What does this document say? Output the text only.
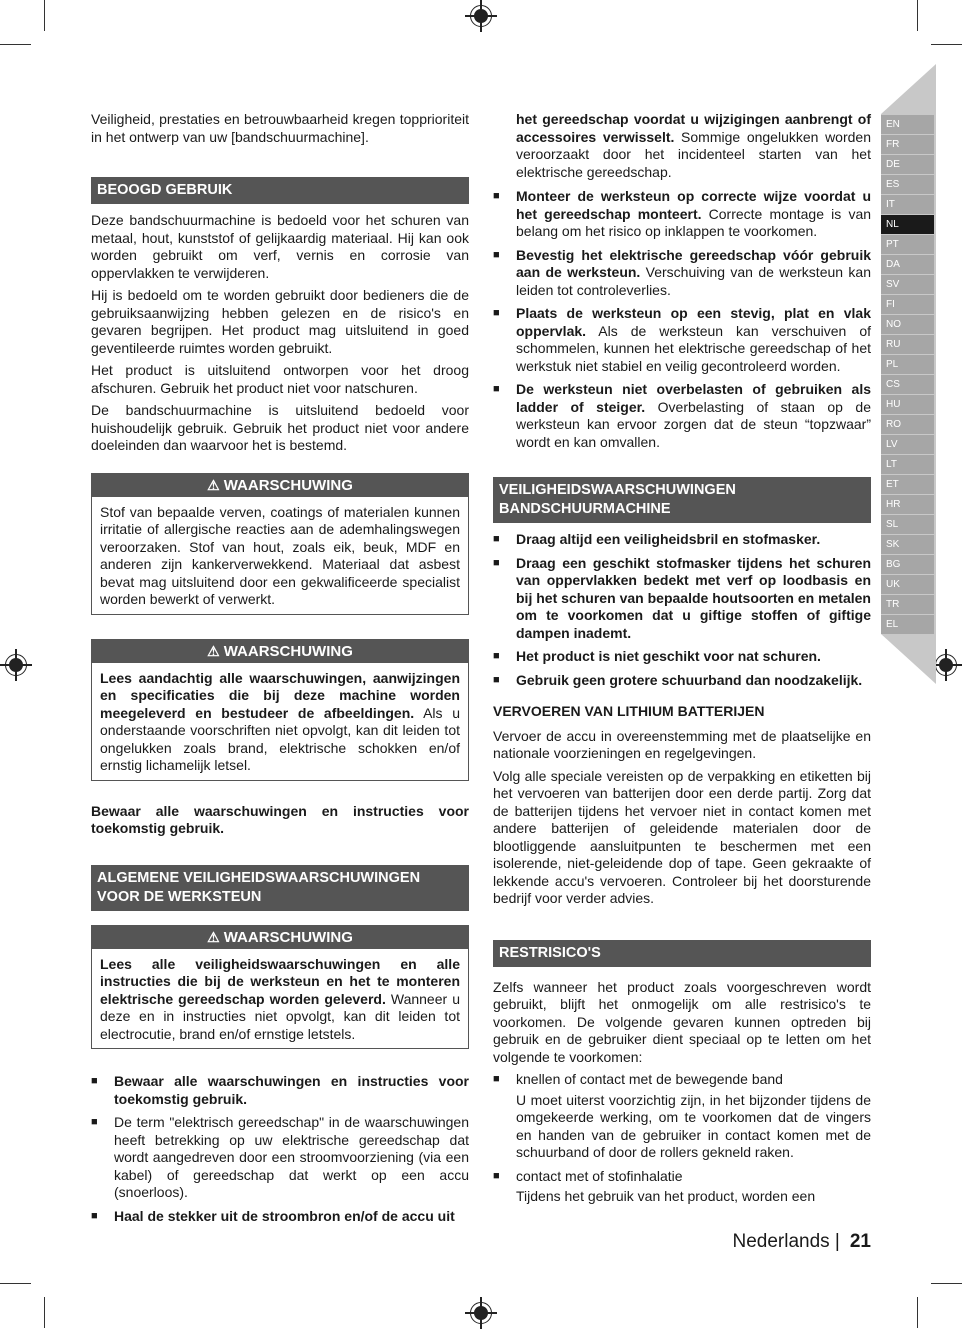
Veiligheid, prestaties en betrouwbaarheid kregen topprioriteit in het ontwerp van uw [bandschuurmachine].

BEOOGD GEBRUIK

Deze bandschuurmachine is bedoeld voor het schuren van metaal, hout, kunststof of gelijkaardig materiaal. Hij kan ook worden gebruikt om verf, vernis en corrosie van oppervlakken te verwijderen.

Hij is bedoeld om te worden gebruikt door bedieners die de gebruiksaanwijzing hebben gelezen en de risico's en gevaren begrijpen. Het product mag uitsluitend in goed geventileerde ruimtes worden gebruikt.

Het product is uitsluitend ontworpen voor het droog afschuren. Gebruik het product niet voor natschuren.

De bandschuurmachine is uitsluitend bedoeld voor huishoudelijk gebruik. Gebruik het product niet voor andere doeleinden dan waarvoor het is bestemd.

⚠ WAARSCHUWING

Stof van bepaalde verven, coatings of materialen kunnen irritatie of allergische reacties aan de ademhalingswegen veroorzaken. Stof van hout, zoals eik, beuk, MDF en anderen zijn kankerverwekkend. Materiaal dat asbest bevat mag uitsluitend door een gekwalificeerde specialist worden bewerkt of verwerkt.

⚠ WAARSCHUWING

Lees aandachtig alle waarschuwingen, aanwijzingen en specificaties die bij deze machine worden meegeleverd en bestudeer de afbeeldingen. Als u onderstaande voorschriften niet opvolgt, kan dit leiden tot ongelukken zoals brand, elektrische schokken en/of ernstig lichamelijk letsel.

Bewaar alle waarschuwingen en instructies voor toekomstig gebruik.

ALGEMENE VEILIGHEIDSWAARSCHUWINGEN VOOR DE WERKSTEUN
⚠ WAARSCHUWING

Lees alle veiligheidswaarschuwingen en alle instructies die bij de werksteun en het te monteren elektrische gereedschap worden geleverd. Wanneer u deze en in instructies niet opvolgt, kan dit leiden tot electrocutie, brand en/of ernstige letstels.

■ Bewaar alle waarschuwingen en instructies voor toekomstig gebruik.
■ De term "elektrisch gereedschap" in de waarschuwingen heeft betrekking op uw elektrische gereedschap dat wordt aangedreven door een stroomvoorziening (via een kabel) of gereedschap dat werkt op een accu (snoerloos).
■ Haal de stekker uit de stroombron en/of de accu uit
het gereedschap voordat u wijzigingen aanbrengt of accessoires verwisselt. Sommige ongelukken worden veroorzaakt door het incidenteel starten van het elektrische gereedschap.
■ Monteer de werksteun op correcte wijze voordat u het gereedschap monteert. Correcte montage is van belang om het risico op inklappen te voorkomen.
■ Bevestig het elektrische gereedschap vóór gebruik aan de werksteun. Verschuiving van de werksteun kan leiden tot controleverlies.
■ Plaats de werksteun op een stevig, plat en vlak oppervlak. Als de werksteun kan verschuiven of schommelen, kunnen het elektrische gereedschap of het werkstuk niet stabiel en veilig gecontroleerd worden.
■ De werksteun niet overbelasten of gebruiken als ladder of steiger. Overbelasting of staan op de werksteun kan ervoor zorgen dat de steun “topzwaar” wordt en kan omvallen.
VEILIGHEIDSWAARSCHUWINGEN BANDSCHUURMACHINE
■ Draag altijd een veiligheidsbril en stofmasker.
■ Draag een geschikt stofmasker tijdens het schuren van oppervlakken bedekt met verf op loodbasis en bij het schuren van bepaalde houtsoorten en metalen om te voorkomen dat u giftige stoffen of giftige dampen inademt.
■ Het product is niet geschikt voor nat schuren.
■ Gebruik geen grotere schuurband dan noodzakelijk.
VERVOEREN VAN LITHIUM BATTERIJEN

Vervoer de accu in overeenstemming met de plaatselijke en nationale voorzieningen en regelgevingen.

Volg alle speciale vereisten op de verpakking en etiketten bij het vervoeren van batterijen door een derde partij. Zorg dat de batterijen tijdens het vervoer niet in contact komen met andere batterijen of geleidende materialen door de blootliggende aansluitpunten te beschermen met een isolerende, niet-geleidende dop of tape. Geen gekraakte of lekkende accu's vervoeren. Controleer bij het doorsturende bedrijf voor verder advies.

RESTRISICO'S

Zelfs wanneer het product zoals voorgeschreven wordt gebruikt, blijft het onmogelijk om alle restrisico's te voorkomen. De volgende gevaren kunnen optreden bij gebruik en de gebruiker dient speciaal op te letten om het volgende te voorkomen:

■ knellen of contact met de bewegende band

U moet uiterst voorzichtig zijn, in het bijzonder tijdens de omgekeerde werking, om te voorkomen dat de vingers en handen van de gebruiker in contact komen met de schuurband of door de rollers gekneld raken.
■ contact met of stofinhalatie

Tijdens het gebruik van het product, worden een
EN
FR
DE
ES
IT
NL
PT
DA
SV
FI
NO
RU
PL
CS
HU
RO
LV
LT
ET
HR
SL
SK
BG
UK
TR
EL
Nederlands | 21
